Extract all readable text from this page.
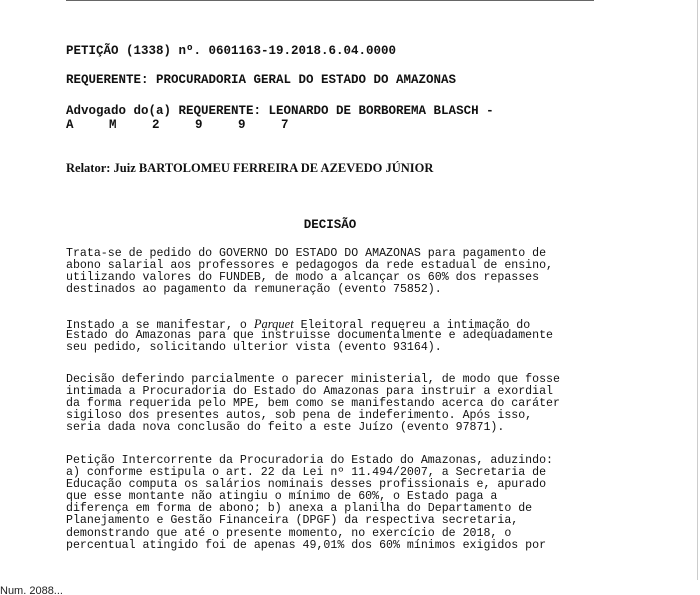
PETIÇÃO (1338) nº. 0601163-19.2018.6.04.0000
REQUERENTE: PROCURADORIA GERAL DO ESTADO DO AMAZONAS
Advogado do(a) REQUERENTE: LEONARDO DE BORBOREMA BLASCH -
A M 2 9 9 7
Relator: Juiz BARTOLOMEU FERREIRA DE AZEVEDO JÚNIOR
DECISÃO
Trata-se de pedido do GOVERNO DO ESTADO DO AMAZONAS para pagamento de
abono salarial aos professores e pedagogos da rede estadual de ensino,
utilizando valores do FUNDEB, de modo a alcançar os 60% dos repasses
destinados ao pagamento da remuneração (evento 75852).
Instado a se manifestar, o Parquet Eleitoral requereu a intimação do
Estado do Amazonas para que instruisse documentalmente e adequadamente
seu pedido, solicitando ulterior vista (evento 93164).
Decisão deferindo parcialmente o parecer ministerial, de modo que fosse
intimada a Procuradoria do Estado do Amazonas para instruir a exordial
da forma requerida pelo MPE, bem como se manifestando acerca do caráter
sigiloso dos presentes autos, sob pena de indeferimento. Após isso,
seria dada nova conclusão do feito a este Juízo (evento 97871).
Petição Intercorrente da Procuradoria do Estado do Amazonas, aduzindo:
a) conforme estipula o art. 22 da Lei nº 11.494/2007, a Secretaria de
Educação computa os salários nominais desses profissionais e, apurado
que esse montante não atingiu o mínimo de 60%, o Estado paga a
diferença em forma de abono; b) anexa a planilha do Departamento de
Planejamento e Gestão Financeira (DPGF) da respectiva secretaria,
demonstrando que até o presente momento, no exercício de 2018, o
percentual atingido foi de apenas 49,01% dos 60% mínimos exigidos por
Num. 2088...
